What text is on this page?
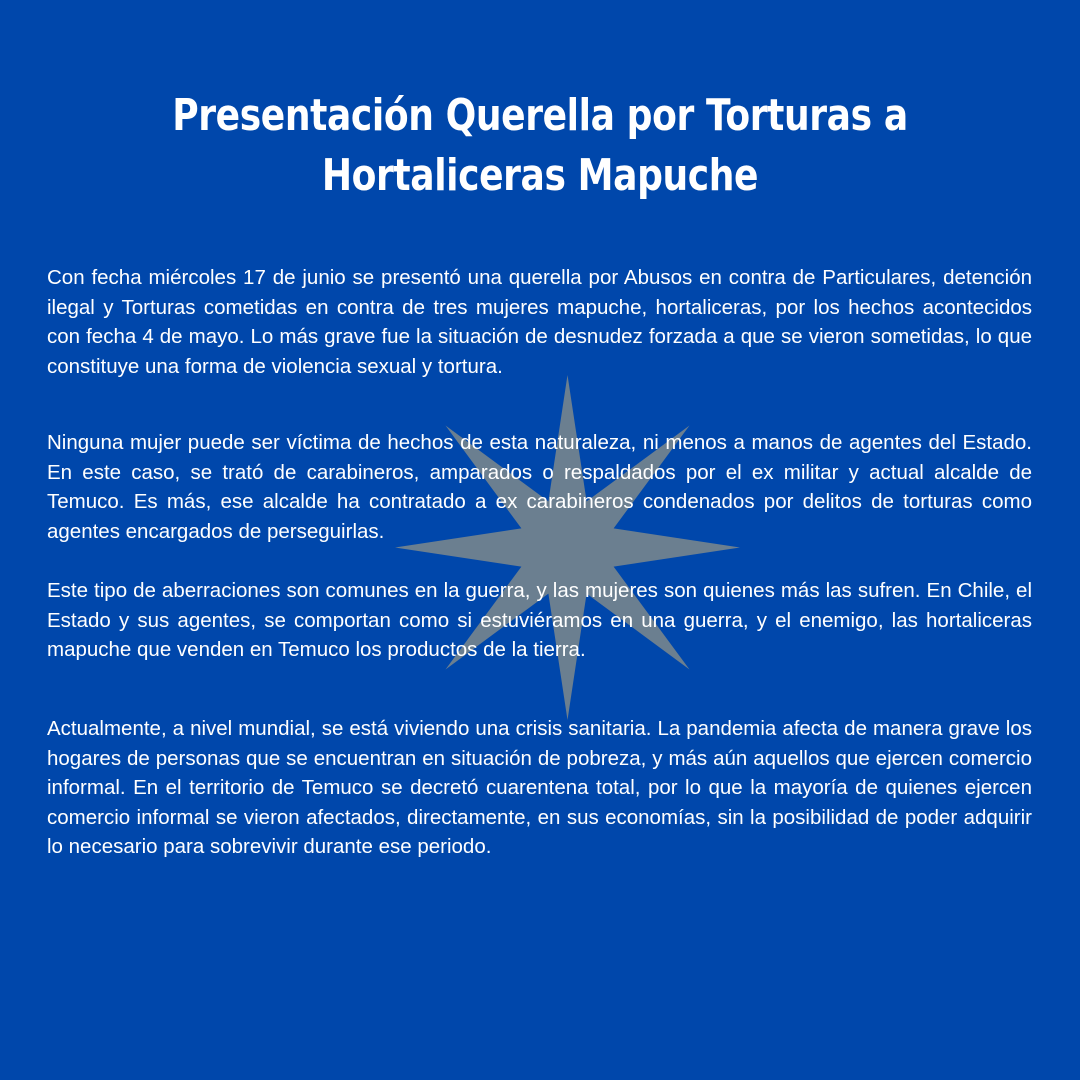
Presentación Querella por Torturas a
Hortaliceras Mapuche

Con fecha miércoles 17 de junio se presentó una querella por Abusos en contra de Particulares, detención ilegal y Torturas cometidas en contra de tres mujeres mapuche, hortaliceras, por los hechos acontecidos con fecha 4 de mayo. Lo más grave fue la situación de desnudez forzada a que se vieron sometidas, lo que constituye una forma de violencia sexual y tortura.

Ninguna mujer puede ser víctima de hechos de esta naturaleza, ni menos a manos de agentes del Estado. En este caso, se trató de carabineros, amparados o respaldados por el ex militar y actual alcalde de Temuco. Es más, ese alcalde ha contratado a ex carabineros condenados por delitos de torturas como agentes encargados de perseguirlas.

Este tipo de aberraciones son comunes en la guerra, y las mujeres son quienes más las sufren. En Chile, el Estado y sus agentes, se comportan como si estuviéramos en una guerra, y el enemigo, las hortaliceras mapuche que venden en Temuco los productos de la tierra.

Actualmente, a nivel mundial, se está viviendo una crisis sanitaria. La pandemia afecta de manera grave los hogares de personas que se encuentran en situación de pobreza, y más aún aquellos que ejercen comercio informal. En el territorio de Temuco se decretó cuarentena total, por lo que la mayoría de quienes ejercen comercio informal se vieron afectados, directamente, en sus economías, sin la posibilidad de poder adquirir lo necesario para sobrevivir durante ese periodo.
